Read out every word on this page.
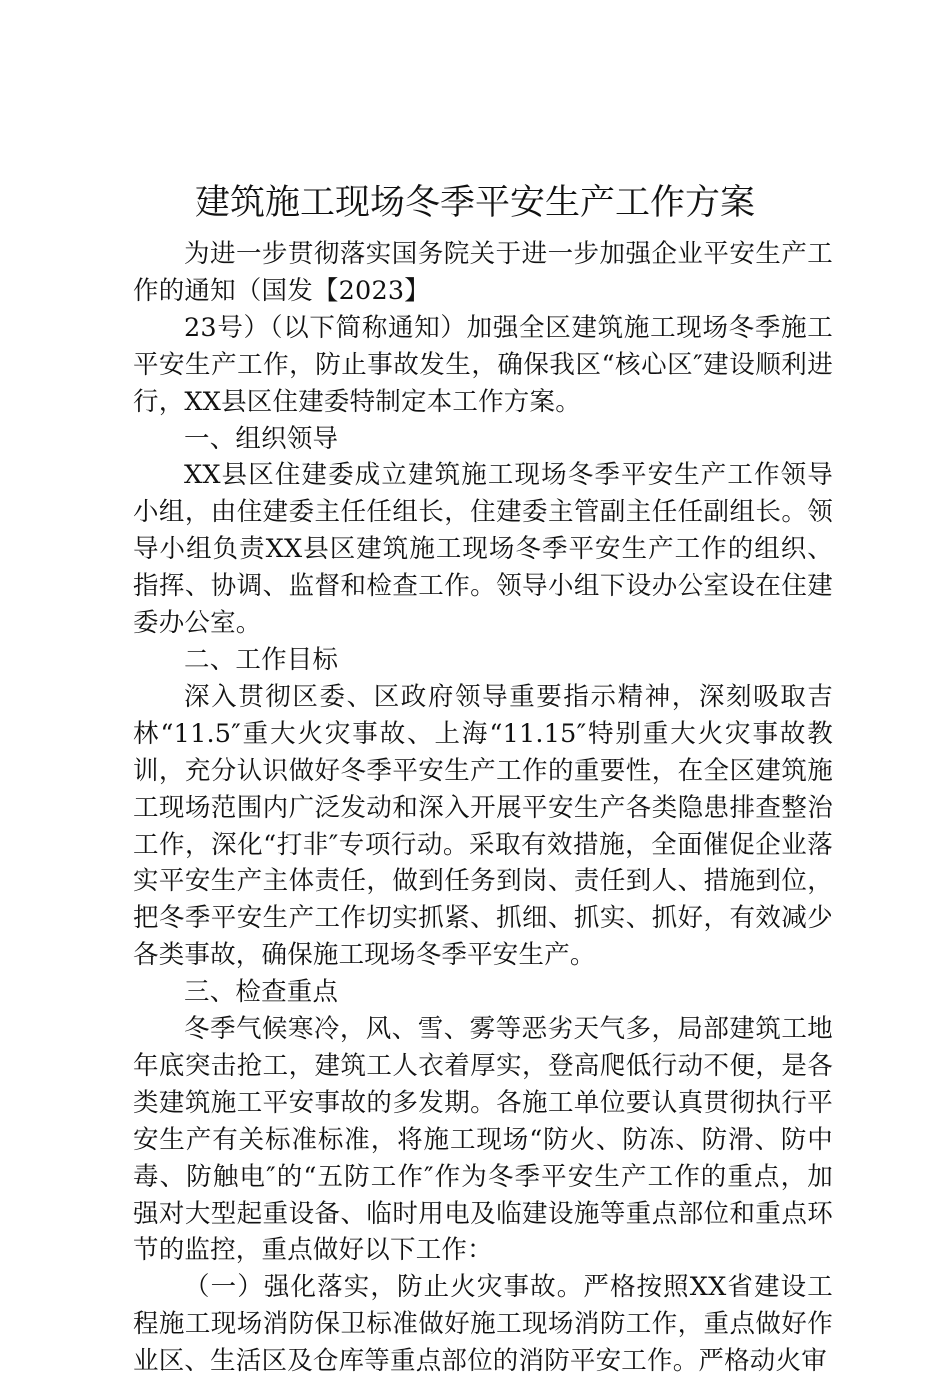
建筑施工现场冬季平安生产工作方案

为进一步贯彻落实国务院关于进一步加强企业平安生产工作的通知（国发【2023】

23号）（以下简称通知）加强全区建筑施工现场冬季施工平安生产工作，防止事故发生，确保我区“核心区″建设顺利进行，XX县区住建委特制定本工作方案。

一、组织领导

XX县区住建委成立建筑施工现场冬季平安生产工作领导小组，由住建委主任任组长，住建委主管副主任任副组长。领导小组负责XX县区建筑施工现场冬季平安生产工作的组织、指挥、协调、监督和检查工作。领导小组下设办公室设在住建委办公室。

二、工作目标

深入贯彻区委、区政府领导重要指示精神，深刻吸取吉林“11.5″重大火灾事故、上海“11.15″特别重大火灾事故教训，充分认识做好冬季平安生产工作的重要性，在全区建筑施工现场范围内广泛发动和深入开展平安生产各类隐患排查整治工作，深化“打非″专项行动。采取有效措施，全面催促企业落实平安生产主体责任，做到任务到岗、责任到人、措施到位，把冬季平安生产工作切实抓紧、抓细、抓实、抓好，有效减少各类事故，确保施工现场冬季平安生产。

三、检查重点

冬季气候寒冷，风、雪、雾等恶劣天气多，局部建筑工地年底突击抢工，建筑工人衣着厚实，登高爬低行动不便，是各类建筑施工平安事故的多发期。各施工单位要认真贯彻执行平安生产有关标准标准，将施工现场“防火、防冻、防滑、防中毒、防触电″的“五防工作″作为冬季平安生产工作的重点，加强对大型起重设备、临时用电及临建设施等重点部位和重点环节的监控，重点做好以下工作：

（一）强化落实，防止火灾事故。严格按照XX省建设工程施工现场消防保卫标准做好施工现场消防工作，重点做好作业区、生活区及仓库等重点部位的消防平安工作。严格动火审
